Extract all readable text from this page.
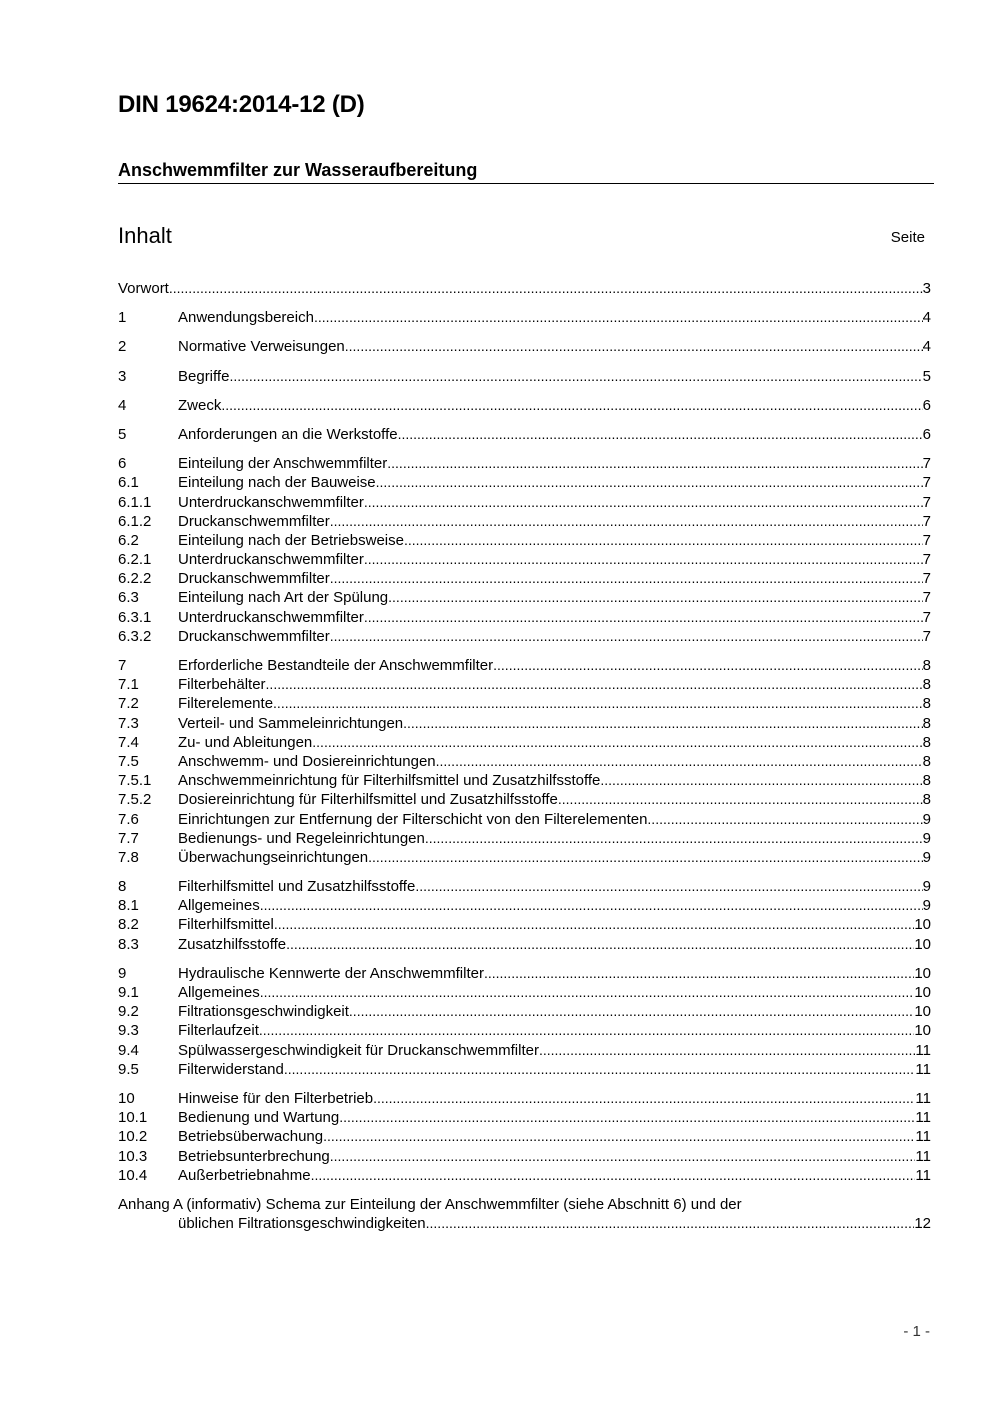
DIN 19624:2014-12 (D)
Anschwemmfilter zur Wasseraufbereitung
Inhalt	Seite
Vorwort .....	3
1	Anwendungsbereich .....	4
2	Normative Verweisungen .....	4
3	Begriffe .....	5
4	Zweck .....	6
5	Anforderungen an die Werkstoffe .....	6
6	Einteilung der Anschwemmfilter .....	7
6.1	Einteilung nach der Bauweise .....	7
6.1.1	Unterdruckanschwemmfilter .....	7
6.1.2	Druckanschwemmfilter .....	7
6.2	Einteilung nach der Betriebsweise .....	7
6.2.1	Unterdruckanschwemmfilter .....	7
6.2.2	Druckanschwemmfilter .....	7
6.3	Einteilung nach Art der Spülung .....	7
6.3.1	Unterdruckanschwemmfilter .....	7
6.3.2	Druckanschwemmfilter .....	7
7	Erforderliche Bestandteile der Anschwemmfilter .....	8
7.1	Filterbehälter .....	8
7.2	Filterelemente .....	8
7.3	Verteil- und Sammeleinrichtungen .....	8
7.4	Zu- und Ableitungen .....	8
7.5	Anschwemm- und Dosiereinrichtungen .....	8
7.5.1	Anschwemmeinrichtung für Filterhilfsmittel und Zusatzhilfsstoffe .....	8
7.5.2	Dosiereinrichtung für Filterhilfsmittel und Zusatzhilfsstoffe .....	8
7.6	Einrichtungen zur Entfernung der Filterschicht von den Filterelementen .....	9
7.7	Bedienungs- und Regeleinrichtungen .....	9
7.8	Überwachungseinrichtungen .....	9
8	Filterhilfsmittel und Zusatzhilfsstoffe .....	9
8.1	Allgemeines .....	9
8.2	Filterhilfsmittel .....	10
8.3	Zusatzhilfsstoffe .....	10
9	Hydraulische Kennwerte der Anschwemmfilter .....	10
9.1	Allgemeines .....	10
9.2	Filtrationsgeschwindigkeit .....	10
9.3	Filterlaufzeit .....	10
9.4	Spülwassergeschwindigkeit für Druckanschwemmfilter .....	11
9.5	Filterwiderstand .....	11
10	Hinweise für den Filterbetrieb .....	11
10.1	Bedienung und Wartung .....	11
10.2	Betriebsüberwachung .....	11
10.3	Betriebsunterbrechung .....	11
10.4	Außerbetriebnahme .....	11
Anhang A (informativ) Schema zur Einteilung der Anschwemmfilter (siehe Abschnitt 6) und der
üblichen Filtrationsgeschwindigkeiten .....	12
- 1 -
